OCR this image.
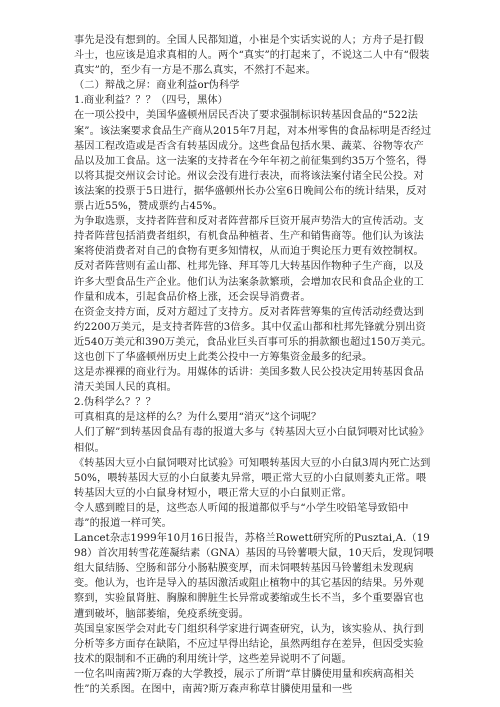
事先是没有想到的。全国人民都知道，小崔是个实话实说的人；方舟子是打假斗士，也应该是追求真相的人。两个“真实”的打起来了，不说这二人中有“假装真实”的，至少有一方是不那么真实，不然打不起来。

（二）辩战之屏：商业利益or伪科学

1.商业利益？？？（四号，黑体）

在一项公投中，美国华盛顿州居民否决了要求强制标识转基因食品的“522法案”。该法案要求食品生产商从2015年7月起，对本州零售的食品标明是否经过基因工程改造或是否含有转基因成分。这些食品包括水果、蔬菜、谷物等农产品以及加工食品。这一法案的支持者在今年年初之前征集到约35万个签名，得以将其提交州议会讨论。州议会没有进行表决，而将该法案付诸全民公投。对该法案的投票于5日进行，据华盛顿州长办公室6日晚间公布的统计结果，反对票占近55%，赞成票约占45%。

为争取选票，支持者阵营和反对者阵营都斥巨资开展声势浩大的宣传活动。支持者阵营包括消费者组织，有机食品种植者、生产和销售商等。他们认为该法案将使消费者对自己的食物有更多知情权，从而迫于舆论压力更有效控制权。反对者阵营则有孟山都、杜邦先锋、拜耳等几大转基因作物种子生产商，以及许多大型食品生产企业。他们认为法案条款繁琐，会增加农民和食品企业的工作量和成本，引起食品价格上涨，还会误导消费者。

在资金支持方面，反对方超过了支持方。反对者阵营筹集的宣传活动经费达到约2200万美元，是支持者阵营的3倍多。其中仅孟山都和杜邦先锋就分别出资近540万美元和390万美元，食品业巨头百事可乐的捐款额也超过150万美元。这也创下了华盛顿州历史上此类公投中一方筹集资金最多的纪录。

这是赤裸裸的商业行为。用媒体的话讲：美国多数人民公投决定用转基因食品清天美国人民的真相。

2.伪科学么？？？

可真相真的是这样的么？为什么要用“消灭”这个词呢？

人们了解”到转基因食品有毒的报道大多与《转基因大豆小白鼠饲喂对比试验》相似。

《转基因大豆小白鼠饲喂对比试验》可知喂转基因大豆的小白鼠3周内死亡达到50%，喂转基因大豆的小白鼠萎丸异常，喂正常大豆的小白鼠则萎丸正常。喂转基因大豆的小白鼠身材短小，喂正常大豆的小白鼠则正常。

令人感到瞠目的是，这些态人听闻的报道都似乎与“小学生咬铅笔导致铅中毒”的报道一样可笑。

Lancet杂志1999年10月16日报告，苏格兰Rowett研究所的Pusztai,A.（1998）首次用转雪花莲凝结素（GNA）基因的马铃薯喂大鼠，10天后，发现饲喂组大鼠结肠、空肠和部分小肠粘膜变厚，而未饲喂转基因马铃薯组未发现病变。他认为，也许是导入的基因激活或阻止植物中的其它基因的结果。另外观察到，实验鼠肾脏、胸腺和脾脏生长异常或萎缩或生长不当，多个重要器官也遭到破坏，脑部萎缩，免疫系统变弱。

英国皇家医学会对此专门组织科学家进行调查研究，认为，该实验从、执行到分析等多方面存在缺陷，不应过早得出结论，虽然两组存在差异，但因受实验技术的限制和不正确的利用统计学，这些差异说明不了问题。

一位名叫南茜?斯万森的大学教授，展示了所谓“草甘膦使用量和疾病高相关性”的关系图。在图中，南茜?斯万森声称草甘膦使用量和一些
